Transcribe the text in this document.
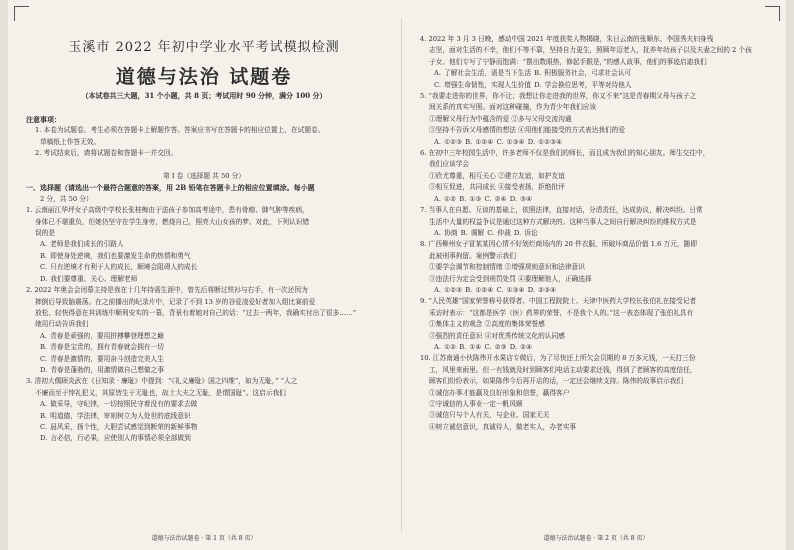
玉溪市 2022 年初中学业水平考试模拟检测
道德与法治 试题卷
（本试卷共三大题，31 个小题，共 8 页；考试用时 90 分钟，满分 100 分）

注意事项：

1. 本卷为试题卷。考生必须在答题卡上解题作答。答案应书写在答题卡的相应位置上，在试题卷、

草稿纸上作答无效。

2. 考试结束后，请将试题卷和答题卡一并交回。

第 Ⅰ 卷（选择题 共 50 分）

一、选择题（请选出一个最符合题意的答案，用 2B 铅笔在答题卡上的相应位置填涂。每小题

2 分，共 50 分）

1. 云南丽江华坪女子高级中学校长张桂梅由于送孩子参加高考途中，患有骨瘤、肺气肿等疾病，

身体已不堪重负，但她仍坚守在学生身旁，燃烧自己，照亮大山女孩的梦。对此，下列认识错

误的是

A. 老师是我们成长的引路人

B. 即使身处逆境，我们也要激发生命的热情和勇气

C. 只有逆境才有利于人的成长，顺境会阻碍人的成长

D. 我们要尊重、关心、理解老师

2. 2022 年奥会会闭幕主持是我在十几年持需生涯中，曾先后将断过铁衫与右手，有一次还因为

摔倒后导致脑震荡。在之前播出的纪录片中，记录了不到 13 岁的谷爱凌爱好者加入组比赛前爱

放松、轻快得意在其训练中顺利安实的一幕，背景有着她对自己的话：“过去一两年，我确实付出了很多……”

她用行动告诉我们

A. 青春是顽强的，要用拼搏攀登理想之巅

B. 青春是宝贵的，拥有青春就会拥有一切

C. 青春是激情的，要用奋斗创造完美人生

D. 青春是蓬勃的，用激情做自己想做之事

3. 清初大儒顾炎武在《日知录 · 廉耻》中提到：“《礼义廉耻》国之四维”，如为无耻，” “人之

不廉而至于悖礼犯义，其原皆生于无耻也，故士大夫之无耻，是谓国耻”。这启示我们

A. 做采导，守纪律，一切按照民守着没有的要求去做

B. 明道德，学法律，审则树立为人处世的底线意识

C. 晨风采，扬个性，大胆尝试感觉到断荣的新鲜事物

D. 言必信，行必果，应使别人的事情必须全部做到

道德与法治试题卷 · 第 1 页（共 8 页）

4. 2022 年 3 月 3 日晚，感动中国 2021 年度获奖人物揭晓，朱日云南的张顺东、李国秀夫妇身残

志坚，面对生活的不幸，他们不等不靠，坚持自力更生，照顾年迈老人，抚养年幼孩子以及夫妻之间的 2 个孩

子女。他们专写了宁静而饱满：“摆出数眼热，修起手跟是，”的感人故事，他们的事迹启迪我们

A. 了解社会生活，需是当下生活 B. 积极服务社会，弓求社会认可

C. 增强生命韧性，实现人生价值 D. 学会换位思考，平等对待他人

5. “我要走进你的世界，你不让；我想让你走进我的世界，你又不来”这是青春期父母与孩子之

间关系的真实写照。面对这种碰撞，作为青少年我们应该

①理解父母行为中蕴含的爱 ②多与父母交流沟通

③坚持不告诉父母感情的想法 ④用他们能接受的方式表达我们的爱

A. ①②③ B. ①②④ C. ①③④ D. ①②③④

6. 在初中三年校园生活中，许多老师不仅是我们的师长，而且成为我们的知心朋友。师生交往中，

我们应该学会

①欣尤尊重，相互关心 ②建立友谊，如护友谊

③相互促进，共同成长 ④接受表扬，拒绝批评

A. ①② B. ①③ C. ②④ D. ③④

7. 当事人在自愿、互谅的基础上，依照法律，直接对话，分清责任，达成协议，解决纠纷。日常

生活中大量的权益争议是通过这种方式解决的。这种当事人之间自行解决纠纷的维权方式是

A. 协商 B. 调解 C. 仲裁 D. 诉讼

8. 广西柳州女子冒某某因心情不好划烂商场内的 20 件衣服，所破坏商品价值 1.6 万元，随即

此被刑事拘留。案例警示我们

①要学会调节和控制情绪 ②增强规则意识和法律意识

③违法行为定会受到刑罚处罚 ④要理解他人，正确选择

A. ①②③ B. ①②④ C. ①③④ D. ②③④

9. “人民英雄”国家荣誉称号获得者、中国工程院院士、天津中医药大学校长张伯礼在接受记者

采访时表示：“这都是医学（医）药界的荣誉，不是我个人的。”这一表态体现了张伯礼具有

①集体主义的观念 ②高度的集体荣誉感

③强烈的责任意识 ④对优秀传统文化的认同感

A. ①② B. ①④ C. ②③ D. ②④

10. 江苏南通小伙陈伟开水果店专做后，为了尽快还上所欠会员期的 8 万多元钱，一天打三份

工，风里来雨里。但一有钱就及时到顾客们电话主动要求还钱，得到了老顾客的高度信任，

顾客们纷纷表示，如果陈伟今后再开店的话，一定还会继续支持。陈伟的故事启示我们

①诚信办事才能赢及良好形象和信誉，赢得客户

②守诚信的人事业一定一帆风顺

③诚信只与个人有关，与企业、国家无关

④树立诚信意识，真诚待人，做老实人，办老实事

道德与法治试题卷 · 第 2 页（共 8 页）
